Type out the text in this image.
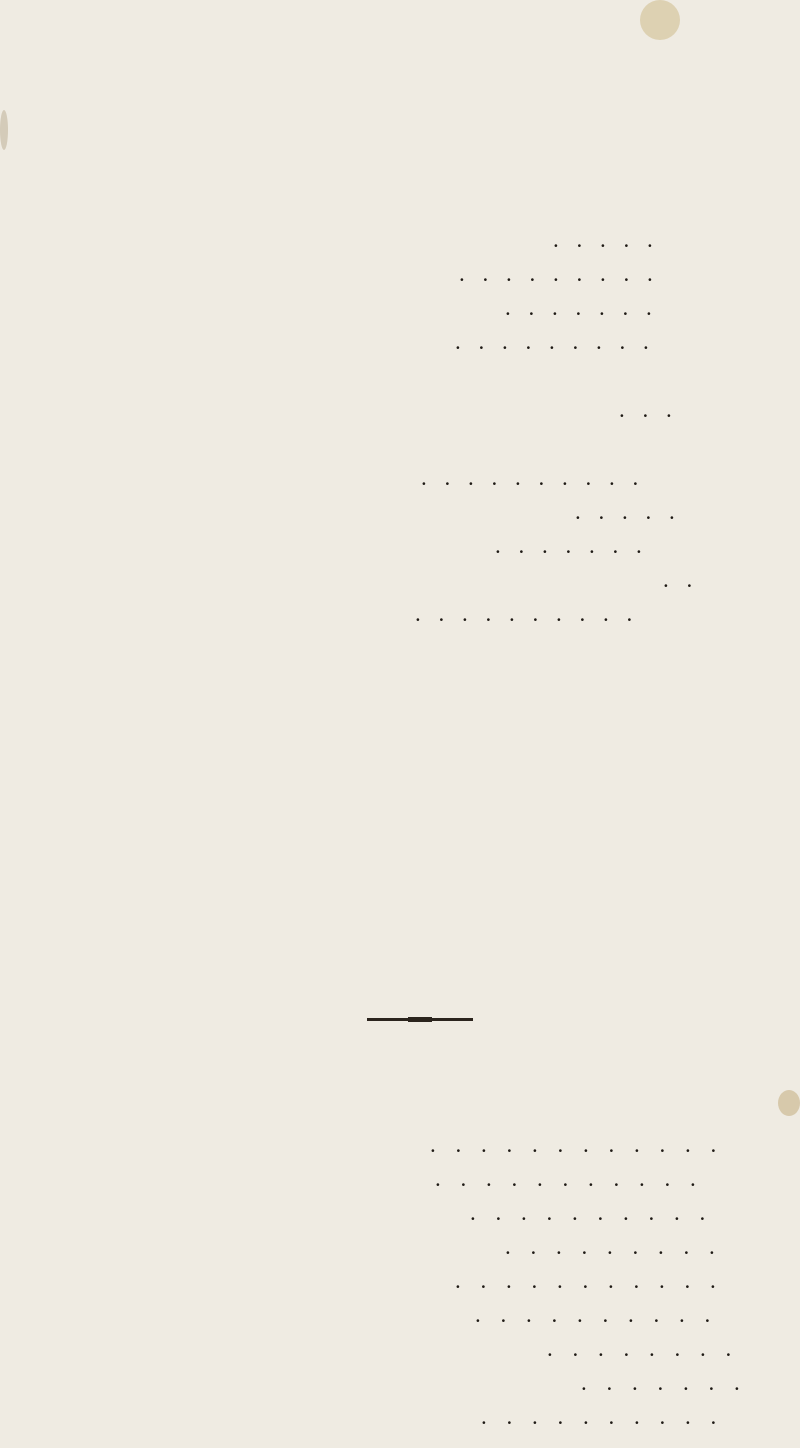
. . . . .
. . . . . . . . .
. . . . . . .
. . . . . . . . .
. . .
. . . . . . . . . .
. . . . .
. . . . . . .
. .
. . . . . . . . . .
. . . . . . . . . . . .
. . . . . . . . . . .
. . . . . . . . . .
. . . . . . . . .
. . . . . . . . . . .
. . . . . . . . . .
. . . . . . . .
. . . . . . .
. . . . . . . . . .
